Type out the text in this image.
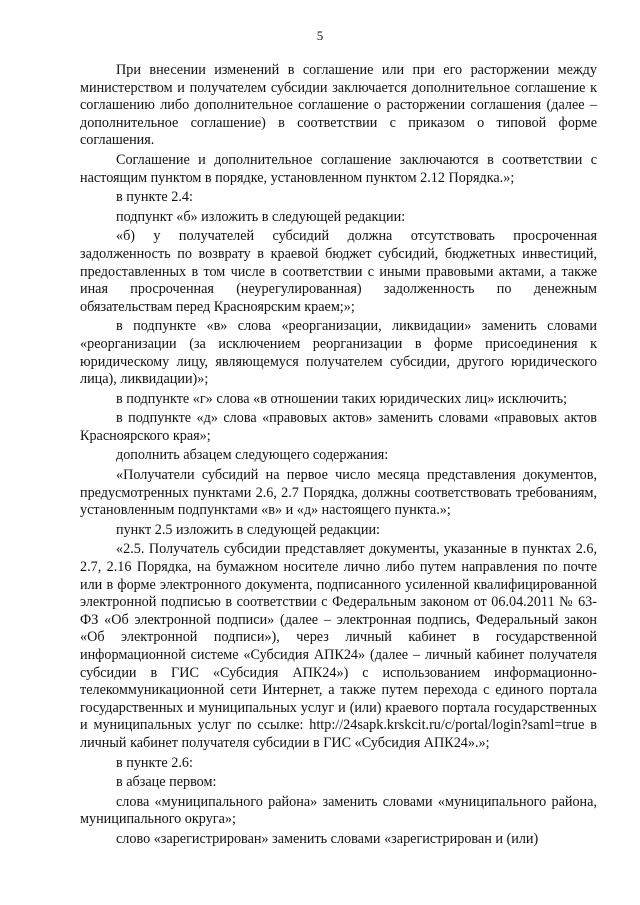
5

При внесении изменений в соглашение или при его расторжении между министерством и получателем субсидии заключается дополнительное соглашение к соглашению либо дополнительное соглашение о расторжении соглашения (далее – дополнительное соглашение) в соответствии с приказом о типовой форме соглашения.

Соглашение и дополнительное соглашение заключаются в соответствии с настоящим пунктом в порядке, установленном пунктом 2.12 Порядка.»;

в пункте 2.4:

подпункт «б» изложить в следующей редакции:

«б) у получателей субсидий должна отсутствовать просроченная задолженность по возврату в краевой бюджет субсидий, бюджетных инвестиций, предоставленных в том числе в соответствии с иными правовыми актами, а также иная просроченная (неурегулированная) задолженность по денежным обязательствам перед Красноярским краем;»;

в подпункте «в» слова «реорганизации, ликвидации» заменить словами «реорганизации (за исключением реорганизации в форме присоединения к юридическому лицу, являющемуся получателем субсидии, другого юридического лица), ликвидации)»;

в подпункте «г» слова «в отношении таких юридических лиц» исключить;

в подпункте «д» слова «правовых актов» заменить словами «правовых актов Красноярского края»;

дополнить абзацем следующего содержания:

«Получатели субсидий на первое число месяца представления документов, предусмотренных пунктами 2.6, 2.7 Порядка, должны соответствовать требованиям, установленным подпунктами «в» и «д» настоящего пункта.»;

пункт 2.5 изложить в следующей редакции:

«2.5. Получатель субсидии представляет документы, указанные в пунктах 2.6, 2.7, 2.16 Порядка, на бумажном носителе лично либо путем направления по почте или в форме электронного документа, подписанного усиленной квалифицированной электронной подписью в соответствии с Федеральным законом от 06.04.2011 № 63-ФЗ «Об электронной подписи» (далее – электронная подпись, Федеральный закон «Об электронной подписи»), через личный кабинет в государственной информационной системе «Субсидия АПК24» (далее – личный кабинет получателя субсидии в ГИС «Субсидия АПК24») с использованием информационно-телекоммуникационной сети Интернет, а также путем перехода с единого портала государственных и муниципальных услуг и (или) краевого портала государственных и муниципальных услуг по ссылке: http://24sapk.krskcit.ru/c/portal/login?saml=true в личный кабинет получателя субсидии в ГИС «Субсидия АПК24».»;

в пункте 2.6:

в абзаце первом:

слова «муниципального района» заменить словами «муниципального района, муниципального округа»;

слово «зарегистрирован» заменить словами «зарегистрирован и (или)
